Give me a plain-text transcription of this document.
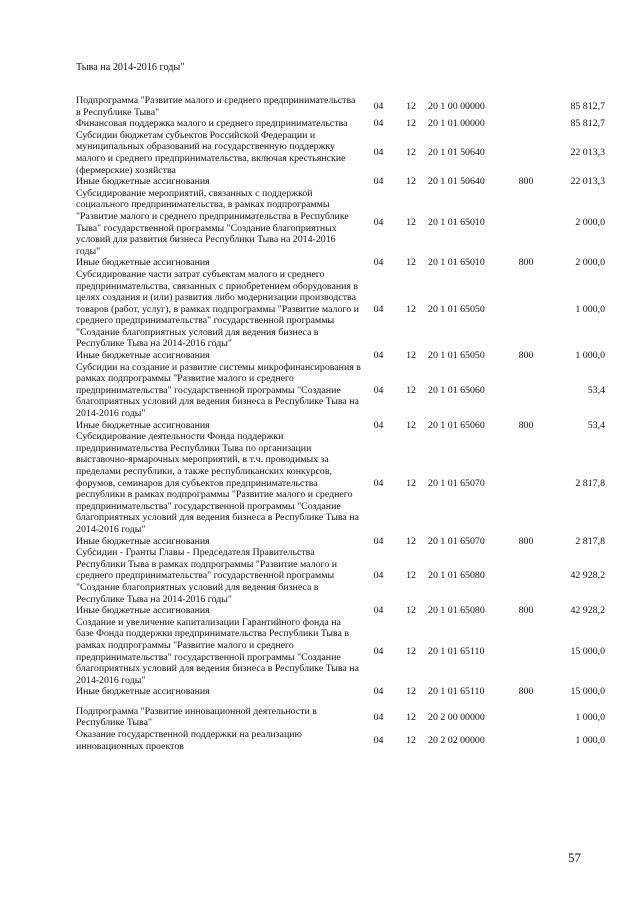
Тыва на 2014-2016 годы"
Подпрограмма "Развитие малого и среднего предпринимательства в Республике Тыва"	04	12	20 1 00 00000		85 812,7
Финансовая поддержка малого и среднего предпринимательства	04	12	20 1 01 00000		85 812,7
Субсидии бюджетам субъектов Российской Федерации и муниципальных образований на государственную поддержку малого и среднего предпринимательства, включая крестьянские (фермерские) хозяйства	04	12	20 1 01 50640		22 013,3
Иные бюджетные ассигнования	04	12	20 1 01 50640	800	22 013,3
Субсидирование мероприятий, связанных с поддержкой социального предпринимательства, в рамках подпрограммы "Развитие малого и среднего предпринимательства в Республике Тыва" государственной программы "Создание благоприятных условий для развития бизнеса Республики Тыва на 2014-2016 годы"	04	12	20 1 01 65010		2 000,0
Иные бюджетные ассигнования	04	12	20 1 01 65010	800	2 000,0
Субсидирование части затрат субъектам малого и среднего предпринимательства, связанных с приобретением оборудования в целях создания и (или) развития либо модернизации производства товаров (работ, услуг), в рамках подпрограммы "Развитие малого и среднего предпринимательства" государственной программы "Создание благоприятных условий для ведения бизнеса в Республике Тыва на 2014-2016 годы"	04	12	20 1 01 65050		1 000,0
Иные бюджетные ассигнования	04	12	20 1 01 65050	800	1 000,0
Субсидии на создание и развитие системы микрофинансирования в рамках подпрограммы "Развитие малого и среднего предпринимательства" государственной программы "Создание благоприятных условий для ведения бизнеса в Республике Тыва на 2014-2016 годы"	04	12	20 1 01 65060		53,4
Иные бюджетные ассигнования	04	12	20 1 01 65060	800	53,4
Субсидирование деятельности Фонда поддержки предпринимательства Республики Тыва по организации выставочно-ярмарочных мероприятий, в т.ч. проводимых за пределами республики, а также республиканских конкурсов, форумов, семинаров для субъектов предпринимательства республики в рамках подпрограммы "Развитие малого и среднего предпринимательства" государственной программы "Создание благоприятных условий для ведения бизнеса в Республике Тыва на 2014-2016 годы"	04	12	20 1 01 65070		2 817,8
Иные бюджетные ассигнования	04	12	20 1 01 65070	800	2 817,8
Субсидии - Гранты Главы - Председателя Правительства Республики Тыва в рамках подпрограммы "Развитие малого и среднего предпринимательства" государственной программы "Создание благоприятных условий для ведения бизнеса в Республике Тыва на 2014-2016 годы"	04	12	20 1 01 65080		42 928,2
Иные бюджетные ассигнования	04	12	20 1 01 65080	800	42 928,2
Создание и увеличение капитализации Гарантийного фонда на базе Фонда поддержки предпринимательства Республики Тыва в рамках подпрограммы "Развитие малого и среднего предпринимательства" государственной программы "Создание благоприятных условий для ведения бизнеса в Республике Тыва на 2014-2016 годы"	04	12	20 1 01 65110		15 000,0
Иные бюджетные ассигнования	04	12	20 1 01 65110	800	15 000,0
Подпрограмма "Развитие инновационной деятельности в Республике Тыва"	04	12	20 2 00 00000		1 000,0
Оказание государственной поддержки на реализацию инновационных проектов	04	12	20 2 02 00000		1 000,0
57
